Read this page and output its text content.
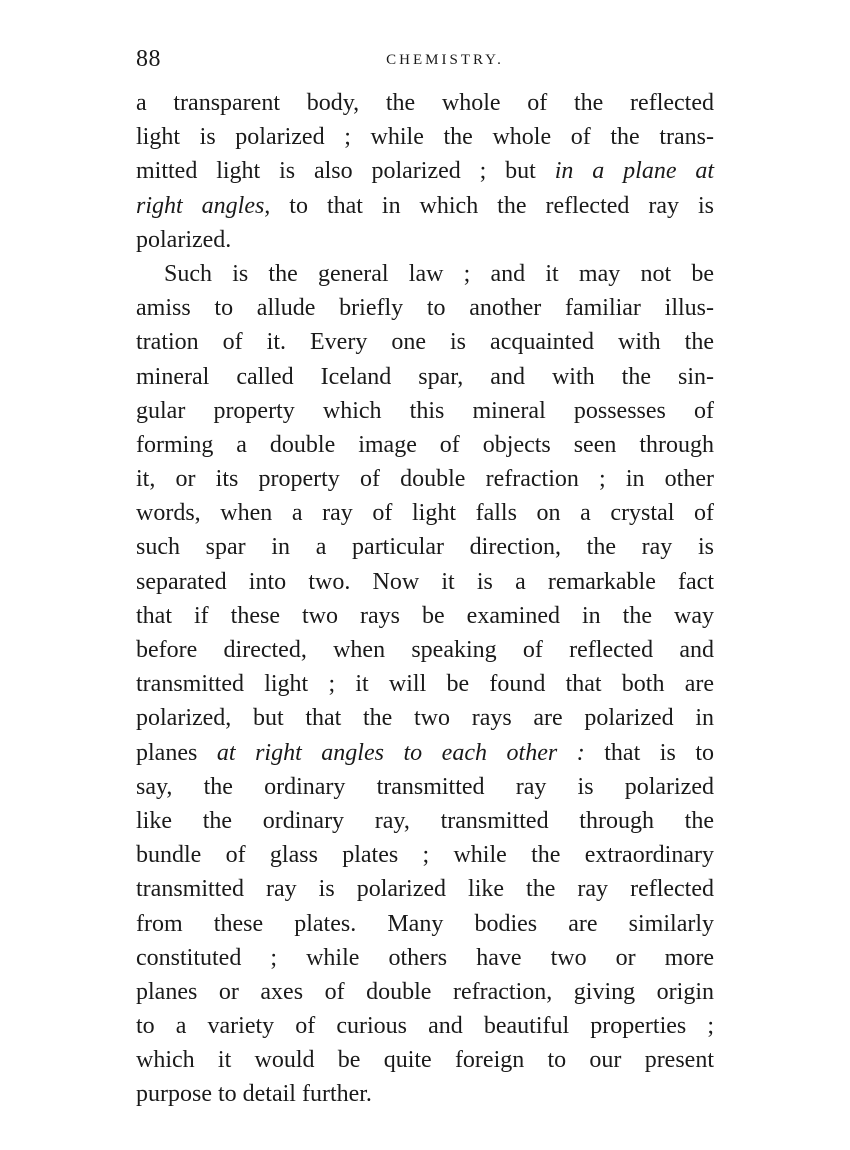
88	CHEMISTRY.
a transparent body, the whole of the reflected
light is polarized ; while the whole of the trans-
mitted light is also polarized ; but in a plane at
right angles, to that in which the reflected ray is
polarized.
Such is the general law ; and it may not be
amiss to allude briefly to another familiar illus-
tration of it. Every one is acquainted with the
mineral called Iceland spar, and with the sin-
gular property which this mineral possesses of
forming a double image of objects seen through
it, or its property of double refraction ; in other
words, when a ray of light falls on a crystal of
such spar in a particular direction, the ray is
separated into two. Now it is a remarkable fact
that if these two rays be examined in the way
before directed, when speaking of reflected and
transmitted light ; it will be found that both are
polarized, but that the two rays are polarized in
planes at right angles to each other : that is to
say, the ordinary transmitted ray is polarized
like the ordinary ray, transmitted through the
bundle of glass plates ; while the extraordinary
transmitted ray is polarized like the ray reflected
from these plates. Many bodies are similarly
constituted ; while others have two or more
planes or axes of double refraction, giving origin
to a variety of curious and beautiful properties ;
which it would be quite foreign to our present
purpose to detail further.
